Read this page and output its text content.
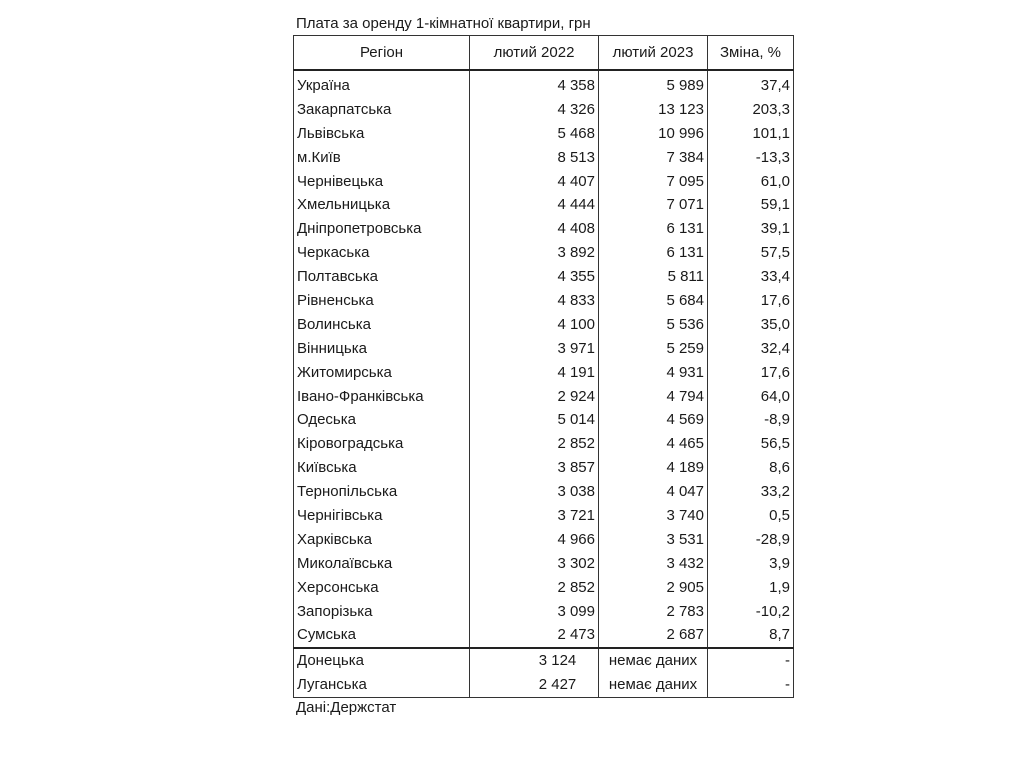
Плата за оренду 1-кімнатної квартири, грн
Регіон	лютий 2022	лютий 2023	Зміна, %
Україна	4 358	5 989	37,4
Закарпатська	4 326	13 123	203,3
Львівська	5 468	10 996	101,1
м.Київ	8 513	7 384	-13,3
Чернівецька	4 407	7 095	61,0
Хмельницька	4 444	7 071	59,1
Дніпропетровська	4 408	6 131	39,1
Черкаська	3 892	6 131	57,5
Полтавська	4 355	5 811	33,4
Рівненська	4 833	5 684	17,6
Волинська	4 100	5 536	35,0
Вінницька	3 971	5 259	32,4
Житомирська	4 191	4 931	17,6
Івано-Франківська	2 924	4 794	64,0
Одеська	5 014	4 569	-8,9
Кіровоградська	2 852	4 465	56,5
Київська	3 857	4 189	8,6
Тернопільська	3 038	4 047	33,2
Чернігівська	3 721	3 740	0,5
Харківська	4 966	3 531	-28,9
Миколаївська	3 302	3 432	3,9
Херсонська	2 852	2 905	1,9
Запорізька	3 099	2 783	-10,2
Сумська	2 473	2 687	8,7
Донецька	3 124	немає даних	-
Луганська	2 427	немає даних	-
Дані:Держстат
